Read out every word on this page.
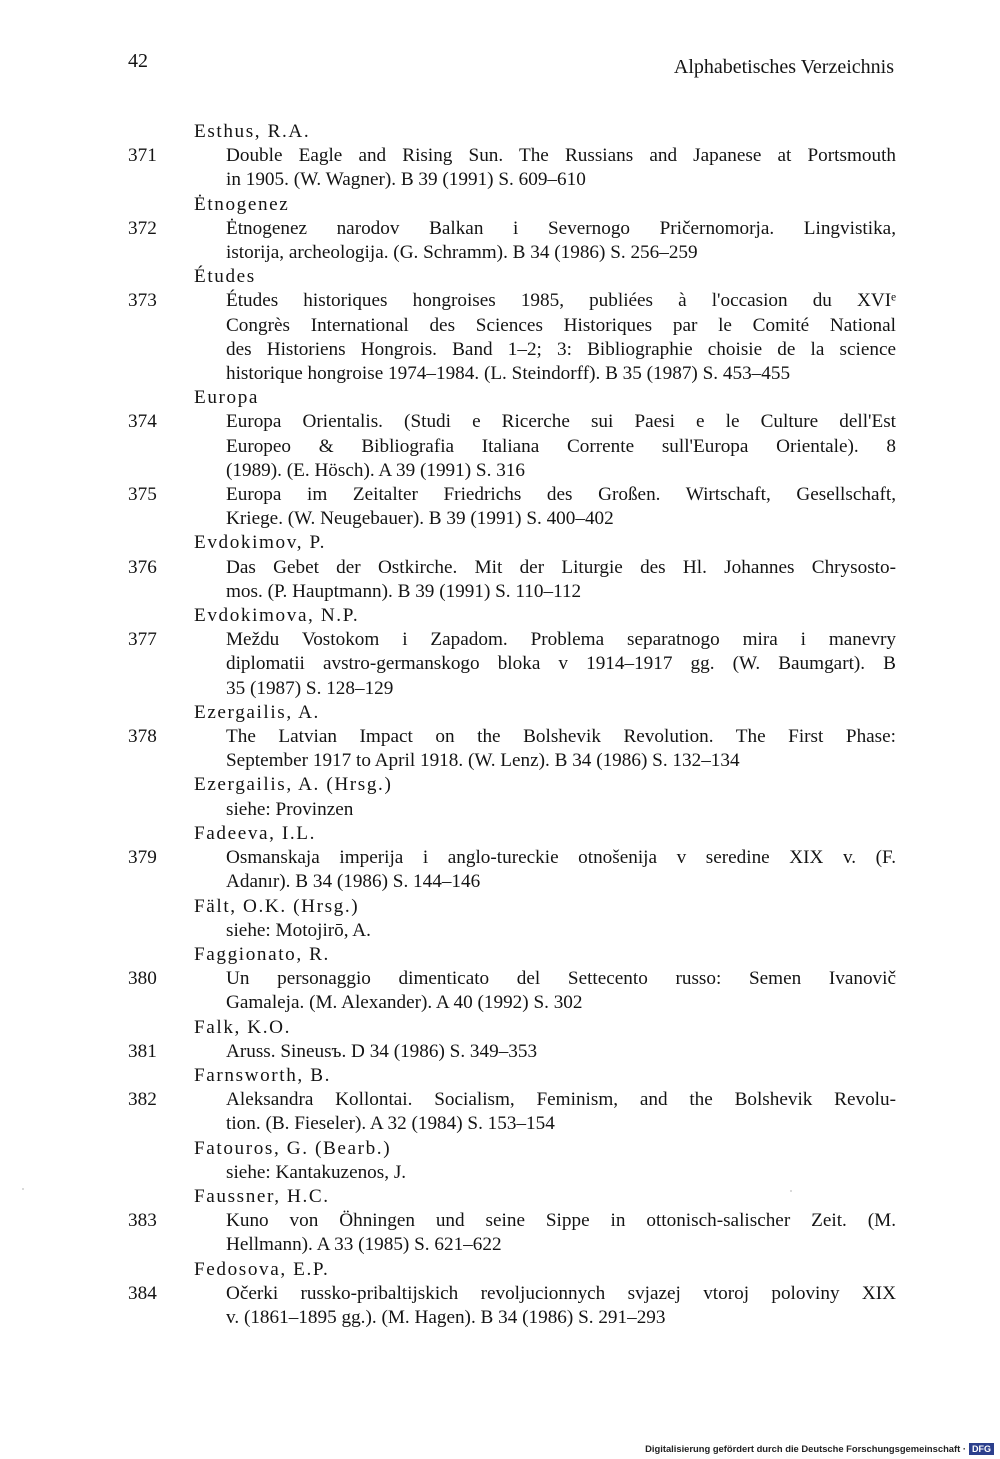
42	Alphabetisches Verzeichnis
Esthus, R.A.
371	Double Eagle and Rising Sun. The Russians and Japanese at Portsmouth
in 1905. (W. Wagner). B 39 (1991) S. 609–610
Ėtnogenez
372	Ėtnogenez narodov Balkan i Severnogo Pričernomorja. Lingvistika,
istorija, archeologija. (G. Schramm). B 34 (1986) S. 256–259
Études
373	Études historiques hongroises 1985, publiées à l'occasion du XVIᵉ
Congrès International des Sciences Historiques par le Comité National
des Historiens Hongrois. Band 1–2; 3: Bibliographie choisie de la science
historique hongroise 1974–1984. (L. Steindorff). B 35 (1987) S. 453–455
Europa
374	Europa Orientalis. (Studi e Ricerche sui Paesi e le Culture dell'Est
Europeo & Bibliografia Italiana Corrente sull'Europa Orientale). 8
(1989). (E. Hösch). A 39 (1991) S. 316
375	Europa im Zeitalter Friedrichs des Großen. Wirtschaft, Gesellschaft,
Kriege. (W. Neugebauer). B 39 (1991) S. 400–402
Evdokimov, P.
376	Das Gebet der Ostkirche. Mit der Liturgie des Hl. Johannes Chrysosto-
mos. (P. Hauptmann). B 39 (1991) S. 110–112
Evdokimova, N.P.
377	Meždu Vostokom i Zapadom. Problema separatnogo mira i manevry
diplomatii avstro-germanskogo bloka v 1914–1917 gg. (W. Baumgart). B
35 (1987) S. 128–129
Ezergailis, A.
378	The Latvian Impact on the Bolshevik Revolution. The First Phase:
September 1917 to April 1918. (W. Lenz). B 34 (1986) S. 132–134
Ezergailis, A. (Hrsg.)
siehe: Provinzen
Fadeeva, I.L.
379	Osmanskaja imperija i anglo-tureckie otnošenija v seredine XIX v. (F.
Adanır). B 34 (1986) S. 144–146
Fält, O.K. (Hrsg.)
siehe: Motojirō, A.
Faggionato, R.
380	Un personaggio dimenticato del Settecento russo: Semen Ivanovič
Gamaleja. (M. Alexander). A 40 (1992) S. 302
Falk, K.O.
381	Aruss. Sineusъ. D 34 (1986) S. 349–353
Farnsworth, B.
382	Aleksandra Kollontai. Socialism, Feminism, and the Bolshevik Revolu-
tion. (B. Fieseler). A 32 (1984) S. 153–154
Fatouros, G. (Bearb.)
siehe: Kantakuzenos, J.
Faussner, H.C.
383	Kuno von Öhningen und seine Sippe in ottonisch-salischer Zeit. (M.
Hellmann). A 33 (1985) S. 621–622
Fedosova, E.P.
384	Očerki russko-pribaltijskich revoljucionnych svjazej vtoroj poloviny XIX
v. (1861–1895 gg.). (M. Hagen). B 34 (1986) S. 291–293
Digitalisierung gefördert durch die Deutsche Forschungsgemeinschaft · DFG
